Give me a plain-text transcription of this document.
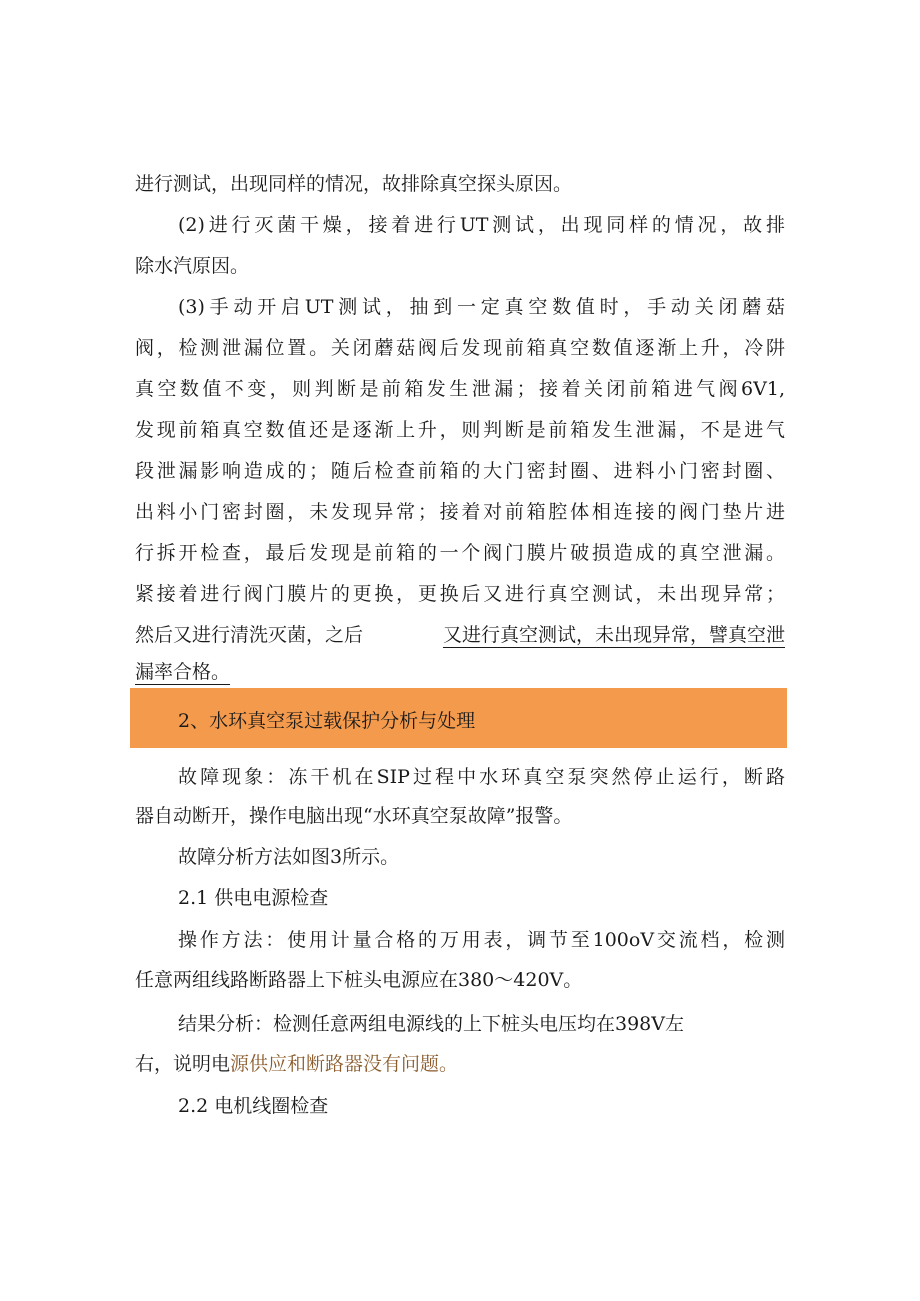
进行测试，出现同样的情况，故排除真空探头原因。
(2)进行灭菌干燥，接着进行UT测试，出现同样的情况，故排
除水汽原因。
(3)手动开启UT测试，抽到一定真空数值时，手动关闭蘑菇
阀，检测泄漏位置。关闭蘑菇阀后发现前箱真空数值逐渐上升，冷阱
真空数值不变，则判断是前箱发生泄漏；接着关闭前箱进气阀6V1,
发现前箱真空数值还是逐渐上升，则判断是前箱发生泄漏，不是进气
段泄漏影响造成的；随后检查前箱的大门密封圈、进料小门密封圈、
出料小门密封圈，未发现异常；接着对前箱腔体相连接的阀门垫片进
行拆开检查，最后发现是前箱的一个阀门膜片破损造成的真空泄漏。
紧接着进行阀门膜片的更换，更换后又进行真空测试，未出现异常；
然后又进行清洗灭菌，之后	又进行真空测试，未出现异常，譬真空泄
漏率合格。
2、水环真空泵过载保护分析与处理
故障现象：冻干机在SIP过程中水环真空泵突然停止运行，断路
器自动断开，操作电脑出现“水环真空泵故障”报警。
故障分析方法如图3所示。
2.1 供电电源检查
操作方法：使用计量合格的万用表，调节至100oV交流档，检测
任意两组线路断路器上下桩头电源应在380～420V。
结果分析：检测任意两组电源线的上下桩头电压均在398V左
右，说明电源供应和断路器没有问题。
2.2 电机线圈检查
